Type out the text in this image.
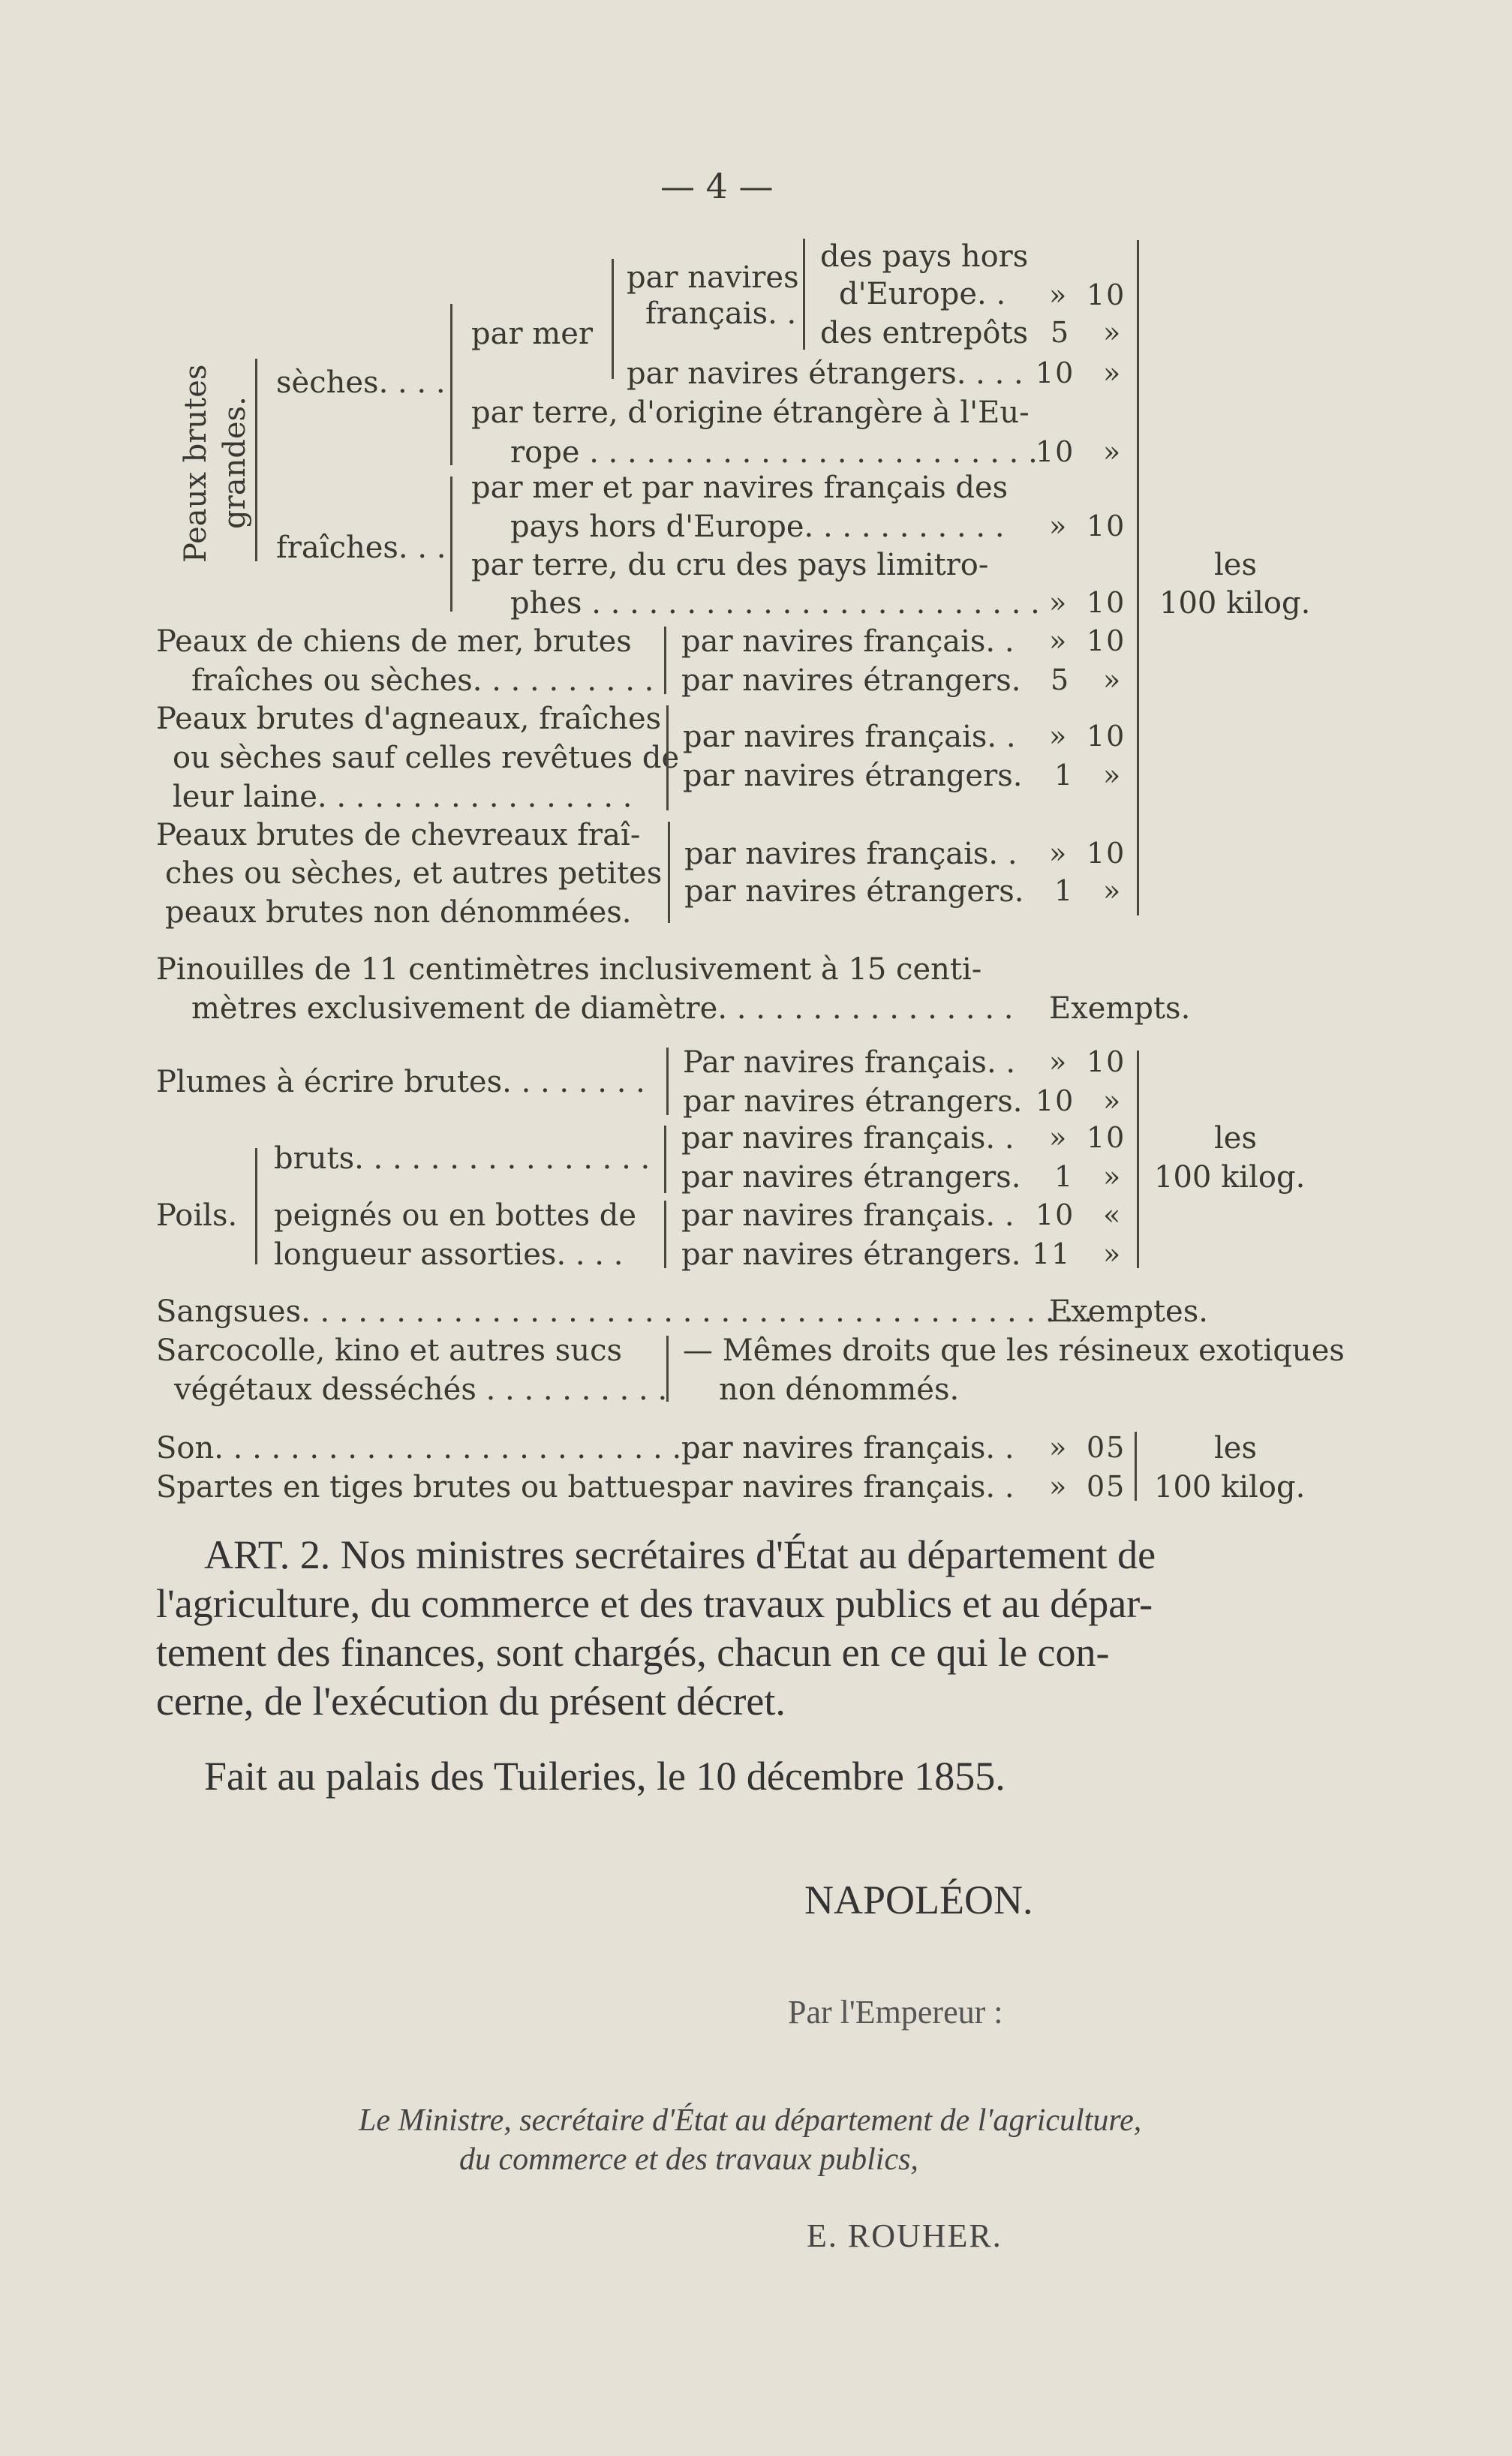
— 4 —
Peaux brutes grandes.
sèches. . . .
fraîches. . .
par mer
par navires
français. .
des pays hors
d'Europe. .
des entrepôts
par navires étrangers. . . .
par terre, d'origine étrangère à l'Eu-
rope . . . . . . . . . . . . . . . . . . . . . . . .
par mer et par navires français des
pays hors d'Europe. . . . . . . . . . .
par terre, du cru des pays limitro-
phes . . . . . . . . . . . . . . . . . . . . . . . .
» 10
5 »
10 »
10 »
» 10
» 10
les
100 kilog.
Peaux de chiens de mer, brutes
fraîches ou sèches. . . . . . . . . .
par navires français. .
par navires étrangers.
» 10
5 »
Peaux brutes d'agneaux, fraîches
ou sèches sauf celles revêtues de
leur laine. . . . . . . . . . . . . . . . .
par navires français. .
par navires étrangers.
» 10
1 »
Peaux brutes de chevreaux fraî-
ches ou sèches, et autres petites
peaux brutes non dénommées.
par navires français. .
par navires étrangers.
» 10
1 »
Pinouilles de 11 centimètres inclusivement à 15 centi-
mètres exclusivement de diamètre. . . . . . . . . . . . . . . . Exempts.
Plumes à écrire brutes. . . . . . . .
Par navires français. .
par navires étrangers.
» 10
10 »
Poils.
bruts. . . . . . . . . . . . . . . .
peignés ou en bottes de
longueur assorties. . . .
par navires français. .
par navires étrangers.
par navires français. .
par navires étrangers.
» 10
1 »
10 «
11 »
les
100 kilog.
Sangsues. . . . . . . . . . . . . . . . . . . . . . . . . . . . . . . . . . . . . . . . . .
Exemptes.
Sarcocolle, kino et autres sucs
végétaux desséchés . . . . . . . . . .
— Mêmes droits que les résineux exotiques
non dénommés.
Son. . . . . . . . . . . . . . . . . . . . . . . . . .
par navires français. . » 05
Spartes en tiges brutes ou battues par navires français. . » 05
les
100 kilog.
ART. 2. Nos ministres secrétaires d'État au département de
l'agriculture, du commerce et des travaux publics et au dépar-
tement des finances, sont chargés, chacun en ce qui le con-
cerne, de l'exécution du présent décret.
Fait au palais des Tuileries, le 10 décembre 1855.
NAPOLÉON.
Par l'Empereur :
Le Ministre, secrétaire d'État au département de l'agriculture,
du commerce et des travaux publics,
E. ROUHER.
